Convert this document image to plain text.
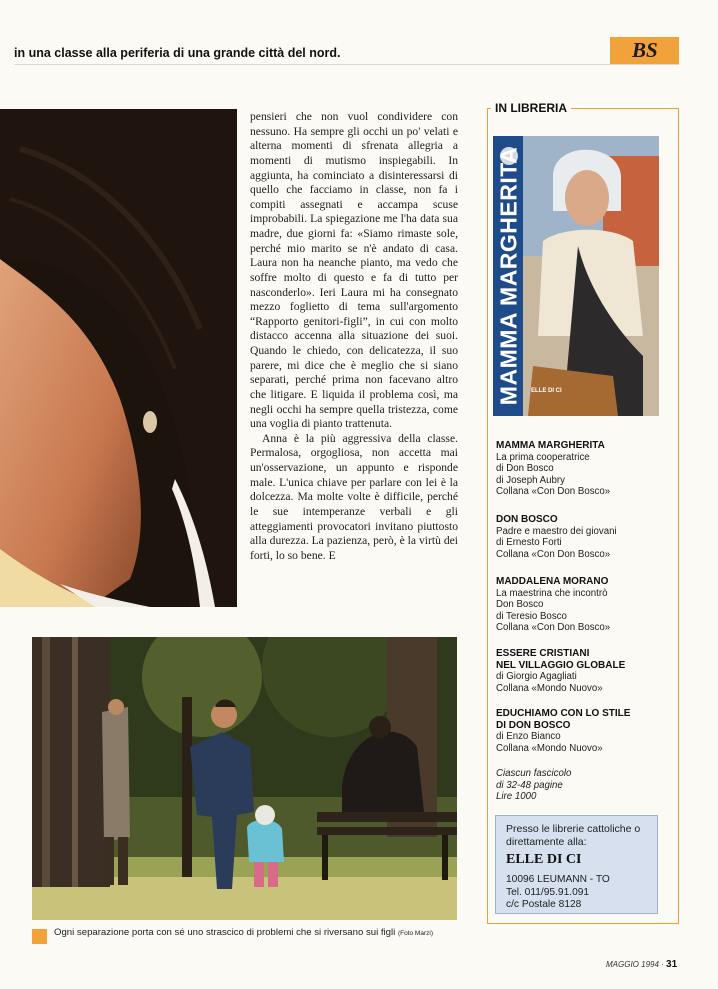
in una classe alla periferia di una grande città del nord.	BS

pensieri che non vuol condividere con nessuno. Ha sempre gli occhi un po' velati e alterna momenti di sfrenata allegria a momenti di mutismo inspiegabili. In aggiunta, ha cominciato a disinteressarsi di quello che facciamo in classe, non fa i compiti assegnati e accampa scuse improbabili. La spiegazione me l'ha data sua madre, due giorni fa: «Siamo rimaste sole, perché mio marito se n'è andato di casa. Laura non ha neanche pianto, ma vedo che soffre molto di questo e fa di tutto per nasconderlo». Ieri Laura mi ha consegnato mezzo foglietto di tema sull'argomento “Rapporto genitori-figli”, in cui con molto distacco accenna alla situazione dei suoi. Quando le chiedo, con delicatezza, il suo parere, mi dice che è meglio che si siano separati, perché prima non facevano altro che litigare. E liquida il problema così, ma negli occhi ha sempre quella tristezza, come una voglia di pianto trattenuta.

Anna è la più aggressiva della classe. Permalosa, orgogliosa, non accetta mai un'osservazione, un appunto e risponde male. L'unica chiave per parlare con lei è la dolcezza. Ma molte volte è difficile, perché le sue intemperanze verbali e gli atteggiamenti provocatori invitano piuttosto alla durezza. La pazienza, però, è la virtù dei forti, lo so bene. E

Ogni separazione porta con sé uno strascico di problemi che si riversano sui figli (Foto Marzi)
IN LIBRERIA
MAMMA MARGHERITA ELLE DI CI
MAMMA MARGHERITA
La prima cooperatrice
di Don Bosco
di Joseph Aubry
Collana «Con Don Bosco»
DON BOSCO
Padre e maestro dei giovani
di Ernesto Forti
Collana «Con Don Bosco»
MADDALENA MORANO
La maestrina che incontrò
Don Bosco
di Teresio Bosco
Collana «Con Don Bosco»
ESSERE CRISTIANI
NEL VILLAGGIO GLOBALE
di Giorgio Agagliati
Collana «Mondo Nuovo»
EDUCHIAMO CON LO STILE
DI DON BOSCO
di Enzo Bianco
Collana «Mondo Nuovo»
Ciascun fascicolo
di 32-48 pagine
Lire 1000
Presso le librerie cattoliche o direttamente alla:
ELLE DI CI
10096 LEUMANN - TO
Tel. 011/95.91.091
c/c Postale 8128
MAGGIO 1994 · 31
